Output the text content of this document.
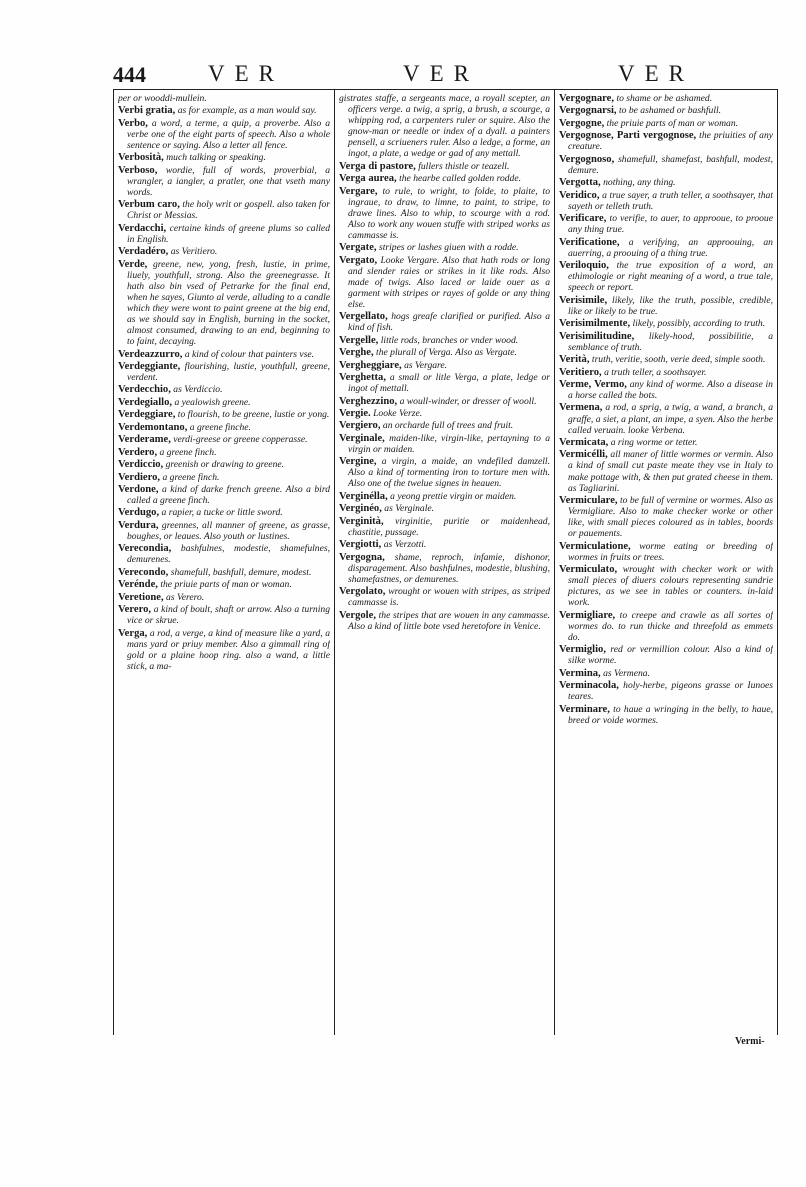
444	VER	VER	VER

per or wooddi-mullein.

Verbi gratia, as for example, as a man would say.

Verbo, a word, a terme, a quip, a proverbe. Also a verbe one of the eight parts of speech. Also a whole sentence or saying. Also a letter all fence.

Verbosità, much talking or speaking.

Verboso, wordie, full of words, proverbial, a wrangler, a iangler, a pratler, one that vseth many words.

Verbum caro, the holy writ or gospell. also taken for Christ or Messias.

Verdacchi, certaine kinds of greene plums so called in English.

Verdadéro, as Veritiero.

Verde, greene, new, yong, fresh, lustie, in prime, liuely, youthfull, strong. Also the greenegrasse. It hath also bin vsed of Petrarke for the final end, when he sayes, Giunto al verde, alluding to a candle which they were wont to paint greene at the big end, as we should say in English, burning in the socket, almost consumed, drawing to an end, beginning to to faint, decaying.

Verdeazzurro, a kind of colour that painters vse.

Verdeggiante, flourishing, lustie, youthfull, greene, verdent.

Verdecchio, as Verdiccio.

Verdegiallo, a yealowish greene.

Verdeggiare, to flourish, to be greene, lustie or yong.

Verdemontano, a greene finche.

Verderame, verdi-greese or greene copperasse.

Verdero, a greene finch.

Verdiccio, greenish or drawing to greene.

Verdiero, a greene finch.

Verdone, a kind of darke french greene. Also a bird called a greene finch.

Verdugo, a rapier, a tucke or little sword.

Verdura, greennes, all manner of greene, as grasse, boughes, or leaues. Also youth or lustines.

Verecondia, bashfulnes, modestie, shamefulnes, demurenes.

Verecondo, shamefull, bashfull, demure, modest.

Verénde, the priuie parts of man or woman.

Veretione, as Verero.

Verero, a kind of boult, shaft or arrow. Also a turning vice or skrue.

Verga, a rod, a verge, a kind of measure like a yard, a mans yard or priuy member. Also a gimmall ring of gold or a plaine hoop ring. also a wand, a little stick, a ma-

gistrates staffe, a sergeants mace, a royall scepter, an officers verge. a twig, a sprig, a brush, a scourge, a whipping rod, a carpenters ruler or squire. Also the gnow-man or needle or index of a dyall. a painters pensell, a scriueners ruler. Also a ledge, a forme, an ingot, a plate, a wedge or gad of any mettall.

Verga di pastore, fullers thistle or teazell.

Verga aurea, the hearbe called golden rodde.

Vergare, to rule, to wright, to folde, to plaite, to ingraue, to draw, to limne, to paint, to stripe, to drawe lines. Also to whip, to scourge with a rod. Also to work any wouen stuffe with striped works as cammasse is.

Vergate, stripes or lashes giuen with a rodde.

Vergato, Looke Vergare. Also that hath rods or long and slender raies or strikes in it like rods. Also made of twigs. Also laced or laide ouer as a garment with stripes or rayes of golde or any thing else.

Vergellato, hogs greafe clarified or purified. Also a kind of fish.

Vergelle, little rods, branches or vnder wood.

Verghe, the plurall of Verga. Also as Vergate.

Vergheggiare, as Vergare.

Verghetta, a small or litle Verga, a plate, ledge or ingot of mettall.

Verghezzino, a woull-winder, or dresser of wooll.

Vergie. Looke Verze.

Vergiero, an orcharde full of trees and fruit.

Verginale, maiden-like, virgin-like, pertayning to a virgin or maiden.

Vergine, a virgin, a maide, an vndefiled damzell. Also a kind of tormenting iron to torture men with. Also one of the twelue signes in heauen.

Verginélla, a yeong prettie virgin or maiden.

Verginéo, as Verginale.

Verginità, virginitie, puritie or maidenhead, chastitie, pussage.

Vergiotti, as Verzotti.

Vergogna, shame, reproch, infamie, dishonor, disparagement. Also bashfulnes, modestie, blushing, shamefastnes, or demurenes.

Vergolato, wrought or wouen with stripes, as striped cammasse is.

Vergole, the stripes that are wouen in any cammasse. Also a kind of little bote vsed heretofore in Venice.

Vergognare, to shame or be ashamed.

Vergognarsi, to be ashamed or bashfull.

Vergogne, the priuie parts of man or woman.

Vergognose, Parti vergognose, the priuities of any creature.

Vergognoso, shamefull, shamefast, bashfull, modest, demure.

Vergotta, nothing, any thing.

Veridico, a true sayer, a truth teller, a soothsayer, that sayeth or telleth truth.

Verificare, to verifie, to auer, to approoue, to prooue any thing true.

Verificatione, a verifying, an approouing, an auerring, a proouing of a thing true.

Veriloquio, the true exposition of a word, an ethimologie or right meaning of a word, a true tale, speech or report.

Verisimile, likely, like the truth, possible, credible, like or likely to be true.

Verisimilmente, likely, possibly, according to truth.

Verisimilitudine, likely-hood, possibilitie, a semblance of truth.

Verità, truth, veritie, sooth, verie deed, simple sooth.

Veritiero, a truth teller, a soothsayer.

Verme, Vermo, any kind of worme. Also a disease in a horse called the bots.

Vermena, a rod, a sprig, a twig, a wand, a branch, a graffe, a siet, a plant, an impe, a syen. Also the herbe called veruain. looke Verbena.

Vermicata, a ring worme or tetter.

Vermicélli, all maner of little wormes or vermin. Also a kind of small cut paste meate they vse in Italy to make pottage with, & then put grated cheese in them. as Tagliarini.

Vermiculare, to be full of vermine or wormes. Also as Vermigliare. Also to make checker worke or other like, with small pieces coloured as in tables, boords or pauements.

Vermiculatione, worme eating or breeding of wormes in fruits or trees.

Vermiculato, wrought with checker work or with small pieces of diuers colours representing sundrie pictures, as we see in tables or counters. in-laid work.

Vermigliare, to creepe and crawle as all sortes of wormes do. to run thicke and threefold as emmets do.

Vermiglio, red or vermillion colour. Also a kind of silke worme.

Vermina, as Vermena.

Verminacola, holy-herbe, pigeons grasse or Iunoes teares.

Verminare, to haue a wringing in the belly, to haue, breed or voide wormes.

Vermi-
